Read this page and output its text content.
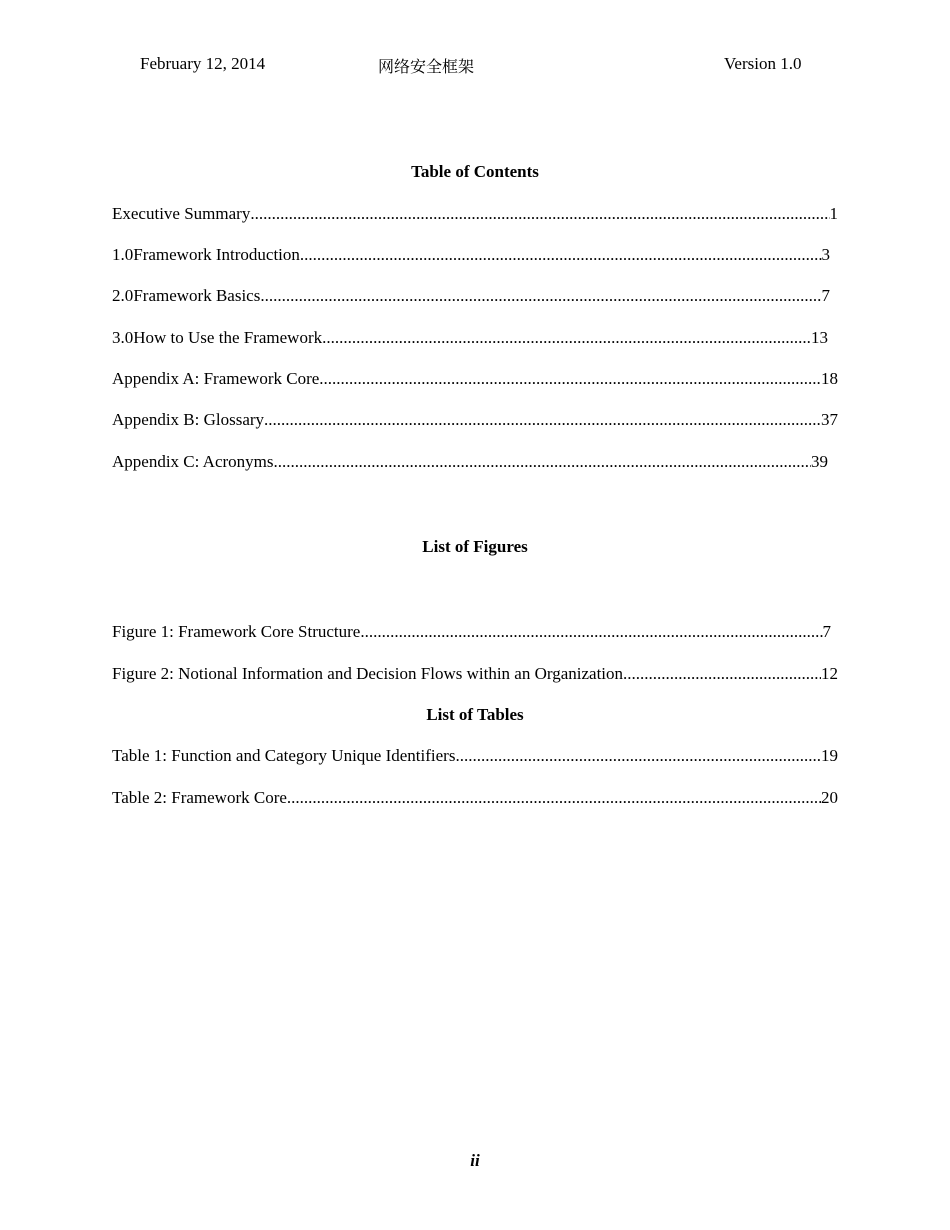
February 12, 2014	网络安全框架	Version 1.0
Table of Contents
Executive Summary .....	1
1.0 Framework Introduction .....	3
2.0 Framework Basics .....	7
3.0 How to Use the Framework .....	13
Appendix A: Framework Core .....	18
Appendix B: Glossary .....	37
Appendix C: Acronyms .....	39
List of Figures
Figure 1: Framework Core Structure .....	7
Figure 2: Notional Information and Decision Flows within an Organization .....	12
List of Tables
Table 1: Function and Category Unique Identifiers .....	19
Table 2: Framework Core .....	20
ii
